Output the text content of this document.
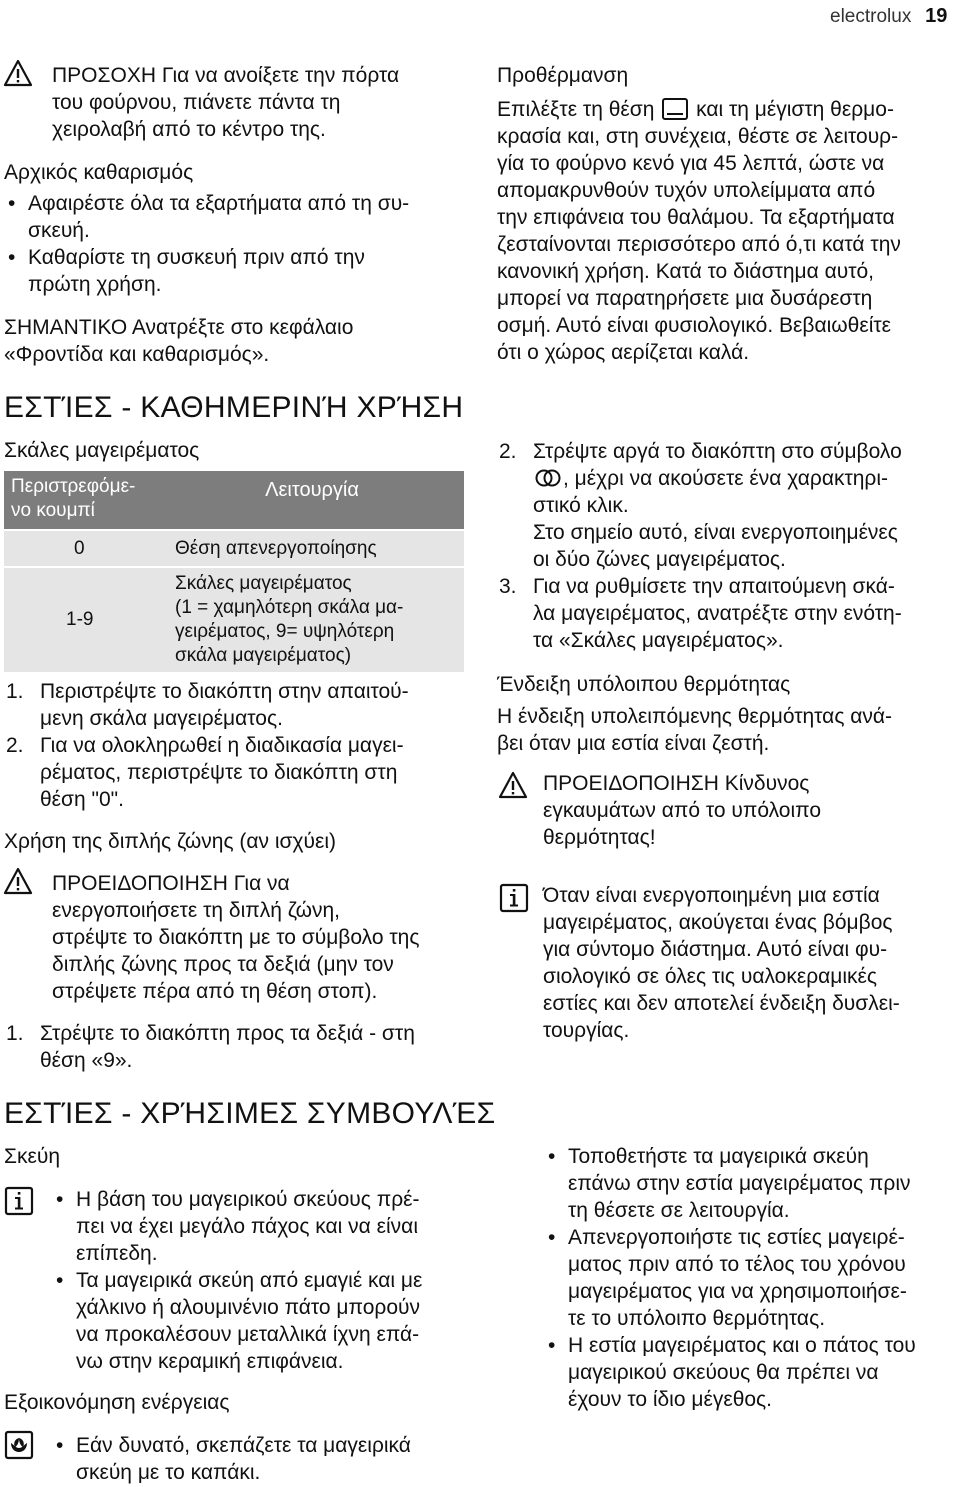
electrolux 19

ΠΡΟΣΟΧΗ Για να ανοίξετε την πόρτα

του φούρνου, πιάνετε πάντα τη

χειρολαβή από το κέντρο της.

Αρχικός καθαρισμός

• Αφαιρέστε όλα τα εξαρτήματα από τη συ-

σκευή.

• Καθαρίστε τη συσκευή πριν από την

πρώτη χρήση.

ΣΗΜΑΝΤΙΚΟ Ανατρέξτε στο κεφάλαιο

«Φροντίδα και καθαρισμός».

ΕΣΤΊΕΣ - ΚΑΘΗΜΕΡΙΝΉ ΧΡΉΣΗ
Σκάλες μαγειρέματος

Περιστρεφόμε-

νο κουμπί

Λειτουργία
0	Θέση απενεργοποίησης
1-9

Σκάλες μαγειρέματος

(1 = χαμηλότερη σκάλα μα-

γειρέματος, 9= υψηλότερη

σκάλα μαγειρέματος)

1. Περιστρέψτε το διακόπτη στην απαιτού-

μενη σκάλα μαγειρέματος.

2. Για να ολοκληρωθεί η διαδικασία μαγει-

ρέματος, περιστρέψτε το διακόπτη στη

θέση "0".

Χρήση της διπλής ζώνης (αν ισχύει)

ΠΡΟΕΙΔΟΠΟΙΗΣΗ Για να

ενεργοποιήσετε τη διπλή ζώνη,

στρέψτε το διακόπτη με το σύμβολο της

διπλής ζώνης προς τα δεξιά (μην τον

στρέψετε πέρα από τη θέση στοπ).

1. Στρέψτε το διακόπτη προς τα δεξιά - στη

θέση «9».

Προθέρμανση

Επιλέξτε τη θέση  και τη μέγιστη θερμο-

κρασία και, στη συνέχεια, θέστε σε λειτουρ-

γία το φούρνο κενό για 45 λεπτά, ώστε να

απομακρυνθούν τυχόν υπολείμματα από

την επιφάνεια του θαλάμου. Τα εξαρτήματα

ζεσταίνονται περισσότερο από ό,τι κατά την

κανονική χρήση. Κατά το διάστημα αυτό,

μπορεί να παρατηρήσετε μια δυσάρεστη

οσμή. Αυτό είναι φυσιολογικό. Βεβαιωθείτε

ότι ο χώρος αερίζεται καλά.

2. Στρέψτε αργά το διακόπτη στο σύμβολο

, μέχρι να ακούσετε ένα χαρακτηρι-

στικό κλικ.

Στο σημείο αυτό, είναι ενεργοποιημένες

οι δύο ζώνες μαγειρέματος.

3. Για να ρυθμίσετε την απαιτούμενη σκά-

λα μαγειρέματος, ανατρέξτε στην ενότη-

τα «Σκάλες μαγειρέματος».

Ένδειξη υπόλοιπου θερμότητας

Η ένδειξη υπολειπόμενης θερμότητας ανά-

βει όταν μια εστία είναι ζεστή.

ΠΡΟΕΙΔΟΠΟΙΗΣΗ Κίνδυνος

εγκαυμάτων από το υπόλοιπο

θερμότητας!

Όταν είναι ενεργοποιημένη μια εστία

μαγειρέματος, ακούγεται ένας βόμβος

για σύντομο διάστημα. Αυτό είναι φυ-

σιολογικό σε όλες τις υαλοκεραμικές

εστίες και δεν αποτελεί ένδειξη δυσλει-

τουργίας.

ΕΣΤΊΕΣ - ΧΡΉΣΙΜΕΣ ΣΥΜΒΟΥΛΈΣ
Σκεύη

• Η βάση του μαγειρικού σκεύους πρέ-

πει να έχει μεγάλο πάχος και να είναι

επίπεδη.

• Τα μαγειρικά σκεύη από εμαγιέ και με

χάλκινο ή αλουμινένιο πάτο μπορούν

να προκαλέσουν μεταλλικά ίχνη επά-

νω στην κεραμική επιφάνεια.

Εξοικονόμηση ενέργειας

• Εάν δυνατό, σκεπάζετε τα μαγειρικά

σκεύη με το καπάκι.

• Τοποθετήστε τα μαγειρικά σκεύη

επάνω στην εστία μαγειρέματος πριν

τη θέσετε σε λειτουργία.

• Απενεργοποιήστε τις εστίες μαγειρέ-

ματος πριν από το τέλος του χρόνου

μαγειρέματος για να χρησιμοποιήσε-

τε το υπόλοιπο θερμότητας.

• Η εστία μαγειρέματος και ο πάτος του

μαγειρικού σκεύους θα πρέπει να

έχουν το ίδιο μέγεθος.
